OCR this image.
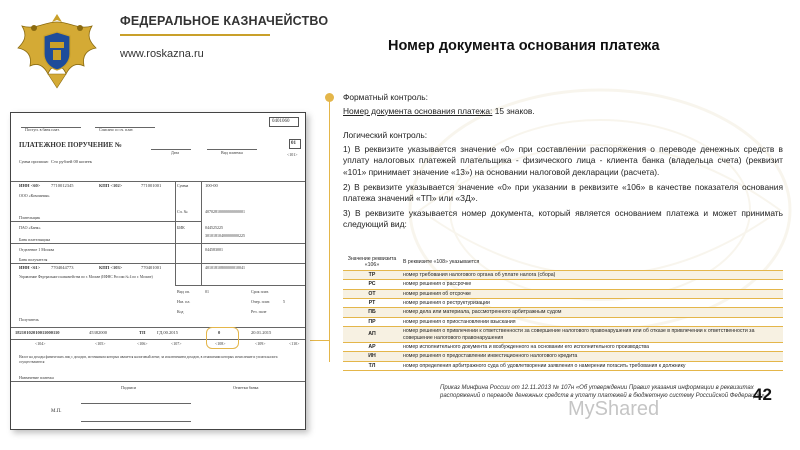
ФЕДЕРАЛЬНОЕ КАЗНАЧЕЙСТВО
www.roskazna.ru	Номер документа основания платежа
Поступ. в банк плат.	Списано со сч. плат.
0401060
ПЛАТЕЖНОЕ ПОРУЧЕНИЕ №
Дата	Вид платежа
01
<101>
Сумма прописью Сто рублей 00 копеек
ИНН <60> 7710012345	КПП <102>	771001001	Сумма	100-00
ООО «Компания»
Сч. №	40702810000000000001
Плательщик
ПАО «Банк»	БИК	044525225
30101810400000000225
Банк плательщика
Отделение 1 Москва	044583001
Банк получателя
ИНН <61> 7704044773	КПП <103>	770401001	40101810800000010041
Управление Федерального казначейства по г. Москве (ИФНС России № 4 по г. Москве)
Вид оп.	01	Срок плат.
Наз. пл.	Очер. плат.	5
Код	Рез. поле
Получатель
18210102010011000110	45382000	ТП	ГД.00.2015	0	20.01.2015
<104>	<105>	<106>	<107>	<108>	<109>	<110>
Налог на доходы физических лиц с доходов, источником которых является налоговый агент, за исключением доходов, в отношении которых исчисление и уплата налога осуществляются
Назначение платежа
Подписи	Отметки банка
М.П.

Форматный контроль:

Номер документа основания платежа: 15 знаков.

Логический контроль:

1) В реквизите указывается значение «0» при составлении распоряжения о переводе денежных средств в уплату налоговых платежей плательщика - физического лица - клиента банка (владельца счета) (реквизит «101» принимает значение «13») на основании налоговой декларации (расчета).

2) В реквизите указывается значение «0» при указании в реквизите «106» в качестве показателя основания платежа значений «ТП» или «ЗД».

3) В реквизите указывается номер документа, который является основанием платежа и может принимать следующий вид:

Значение реквизита «106»	В реквизите «108» указывается
ТР	номер требования налогового органа об уплате налога (сбора)
РС	номер решения о рассрочке
ОТ	номер решения об отсрочке
РТ	номер решения о реструктуризации
ПБ	номер дела или материала, рассмотренного арбитражным судом
ПР	номер решения о приостановлении взыскания
АП	номер решения о привлечении к ответственности за совершение налогового правонарушения или об отказе в привлечении к ответственности за совершение налогового правонарушения
АР	номер исполнительного документа и возбужденного на основании его исполнительного производства
ИН	номер решения о предоставлении инвестиционного налогового кредита
ТЛ	номер определения арбитражного суда об удовлетворении заявления о намерении погасить требования к должнику
Приказ Минфина России от 12.11.2013 № 107н «Об утверждении Правил указания информации в реквизитах распоряжений о переводе денежных средств в уплату платежей в бюджетную систему Российской Федерации»
MyShared
42
